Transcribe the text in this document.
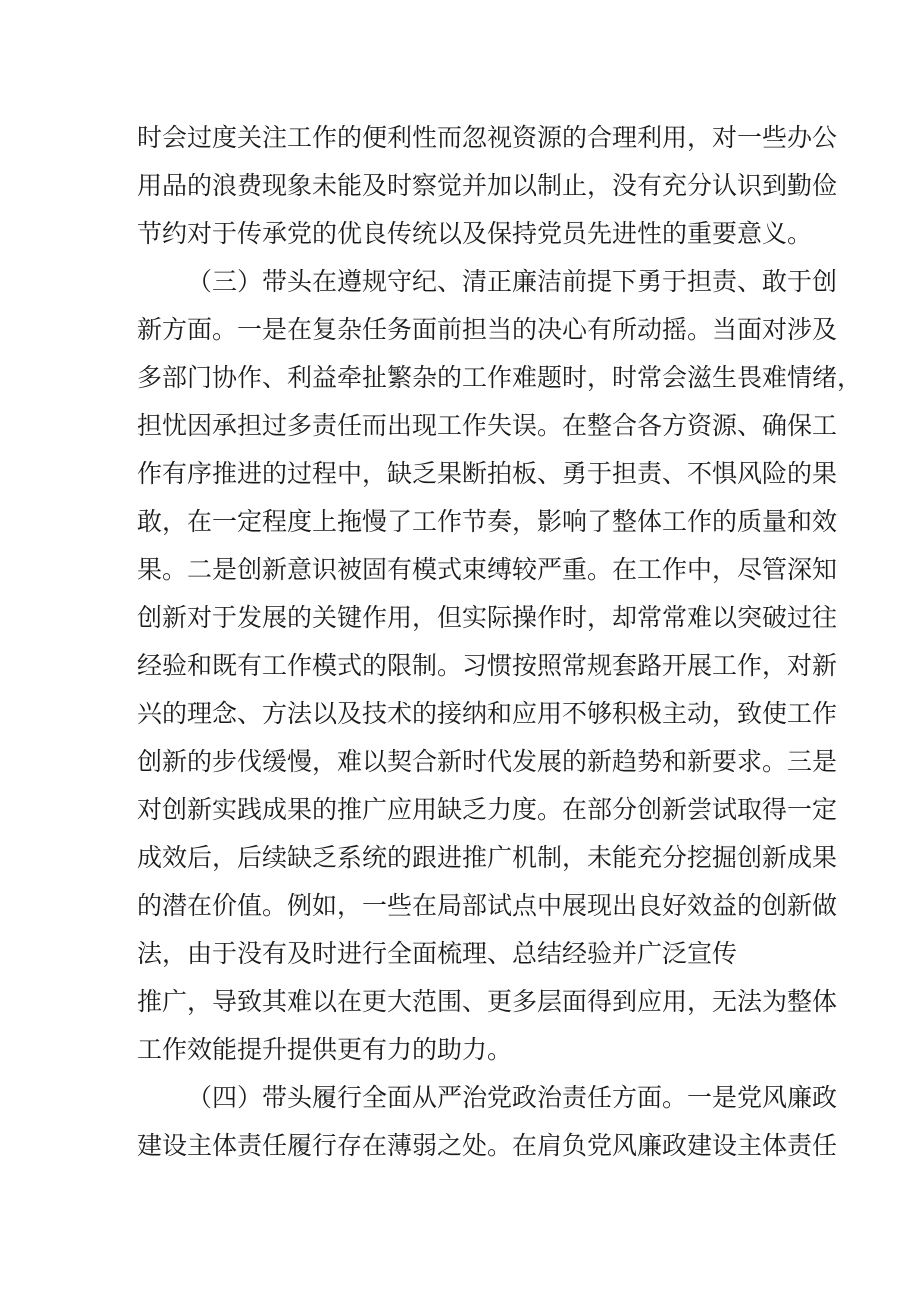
时会过度关注工作的便利性而忽视资源的合理利用，对一些办公
用品的浪费现象未能及时察觉并加以制止，没有充分认识到勤俭
节约对于传承党的优良传统以及保持党员先进性的重要意义。
（三）带头在遵规守纪、清正廉洁前提下勇于担责、敢于创
新方面。一是在复杂任务面前担当的决心有所动摇。当面对涉及
多部门协作、利益牵扯繁杂的工作难题时，时常会滋生畏难情绪，
担忧因承担过多责任而出现工作失误。在整合各方资源、确保工
作有序推进的过程中，缺乏果断拍板、勇于担责、不惧风险的果
敢，在一定程度上拖慢了工作节奏，影响了整体工作的质量和效
果。二是创新意识被固有模式束缚较严重。在工作中，尽管深知
创新对于发展的关键作用，但实际操作时，却常常难以突破过往
经验和既有工作模式的限制。习惯按照常规套路开展工作，对新
兴的理念、方法以及技术的接纳和应用不够积极主动，致使工作
创新的步伐缓慢，难以契合新时代发展的新趋势和新要求。三是
对创新实践成果的推广应用缺乏力度。在部分创新尝试取得一定
成效后，后续缺乏系统的跟进推广机制，未能充分挖掘创新成果
的潜在价值。例如，一些在局部试点中展现出良好效益的创新做
法，由于没有及时进行全面梳理、总结经验并广泛宣传
推广，导致其难以在更大范围、更多层面得到应用，无法为整体
工作效能提升提供更有力的助力。
（四）带头履行全面从严治党政治责任方面。一是党风廉政
建设主体责任履行存在薄弱之处。在肩负党风廉政建设主体责任
